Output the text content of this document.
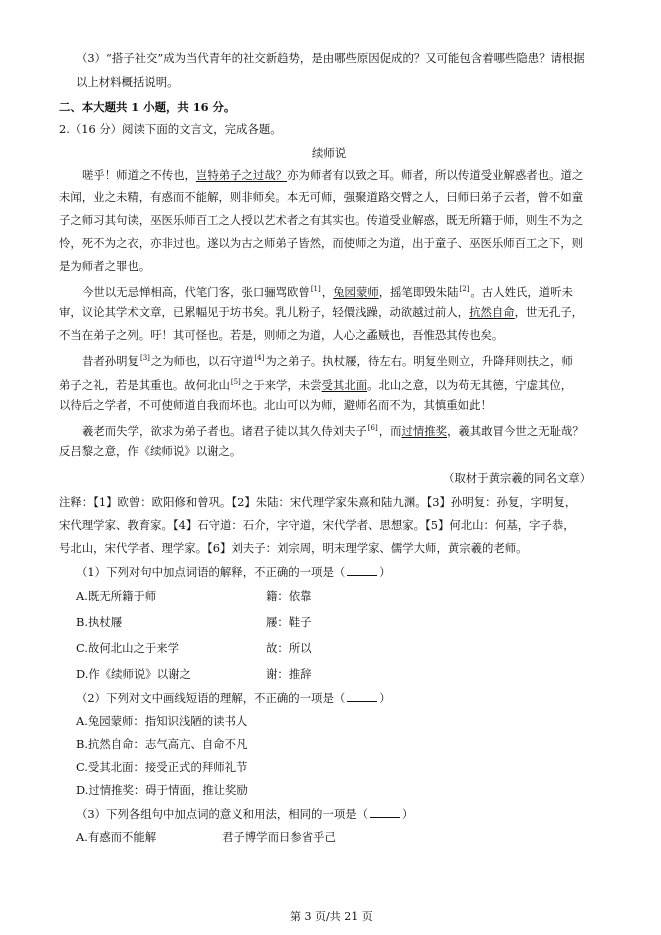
（3）“搭子社交”成为当代青年的社交新趋势，是由哪些原因促成的？又可能包含着哪些隐患？请根据
以上材料概括说明。
二、本大题共 1 小题，共 16 分。
2.（16 分）阅读下面的文言文，完成各题。
续师说
嗟乎！师道之不传也，岂特弟子之过哉？亦为师者有以致之耳。师者，所以传道受业解惑者也。道之
未闻，业之未精，有惑而不能解，则非师矣。本无可师，强聚道路交臂之人，曰师曰弟子云者，曾不如童
子之师习其句读，巫医乐师百工之人授以艺术者之有其实也。传道受业解惑，既无所籍于师，则生不为之
怜，死不为之衣，亦非过也。遂以为古之师弟子皆然，而使师之为道，出于童子、巫医乐师百工之下，则
是为师者之罪也。
今世以无忌惮相高，代笔门客，张口骊骂欧曾[1]，兔园蒙师，摇笔即毁朱陆[2]。古人姓氏，道听未
审，议论其学术文章，已累幅见于坊书矣。乳儿粉子，轻儇浅躁，动欲越过前人，抗然自命，世无孔子，
不当在弟子之列。吁！其可怪也。若是，则师之为道，人心之蟊贼也，吾惟恐其传也矣。
昔者孙明复[3]之为师也，以石守道[4]为之弟子。执杖屦，待左右。明复坐则立，升降拜则扶之，师
弟子之礼，若是其重也。故何北山[5]之于来学，未尝受其北面。北山之意，以为苟无其德，宁虚其位，
以待后之学者，不可使师道自我而坏也。北山可以为师，避师名而不为，其慎重如此！
羲老而失学，欲求为弟子者也。诸君子徒以其久侍刘夫子[6]，而过情推奖，羲其敢冒今世之无耻哉？
反吕黎之意，作《续师说》以谢之。
（取材于黄宗羲的同名文章）
注释：【1】欧曾：欧阳修和曾巩。【2】朱陆：宋代理学家朱熹和陆九渊。【3】孙明复：孙复，字明复，
宋代理学家、教育家。【4】石守道：石介，字守道，宋代学者、思想家。【5】何北山：何基，字子恭，
号北山，宋代学者、理学家。【6】刘夫子：刘宗周，明末理学家、儒学大师，黄宗羲的老师。
（1）下列对句中加点词语的解释，不正确的一项是（	）
A.既无所籍于师	籍：依靠
B.执杖屦	屦：鞋子
C.故何北山之于来学	故：所以
D.作《续师说》以谢之	谢：推辞
（2）下列对文中画线短语的理解，不正确的一项是（	）
A.兔园蒙师：指知识浅陋的读书人
B.抗然自命：志气高亢、自命不凡
C.受其北面：接受正式的拜师礼节
D.过情推奖：碍于情面，推让奖励
（3）下列各组句中加点词的意义和用法，相同的一项是（	）
A.有惑而不能解	君子博学而日参省乎己
第 3 页/共 21 页
